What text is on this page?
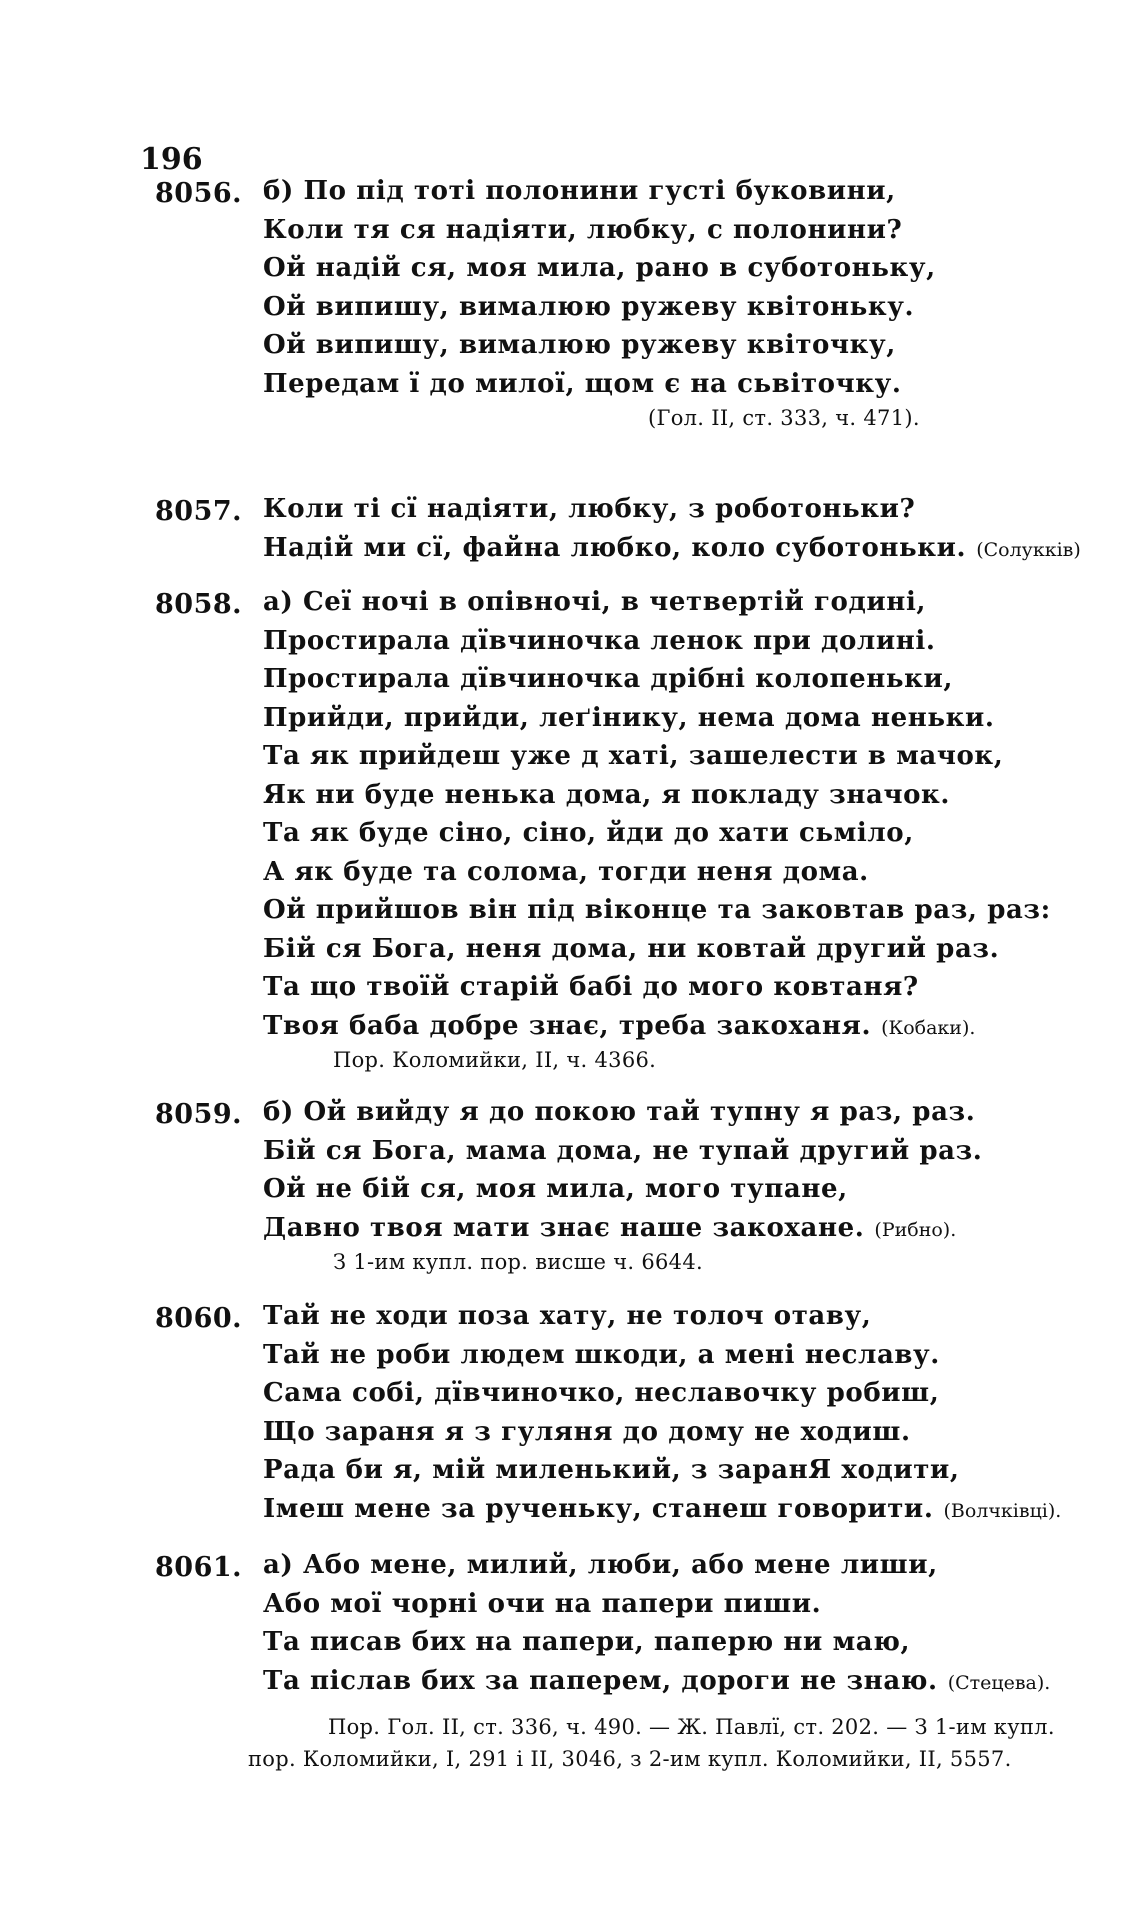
196
8056. б) По під тоті полонини густі буковини,
Коли тя ся надіяти, любку, с полонини?
Ой надій ся, моя мила, рано в суботоньку,
Ой випишу, вималюю ружеву квітоньку.
Ой випишу, вималюю ружеву квіточку,
Передам ї до милої, щом є на сьвіточку.
(Гол. II, ст. 333, ч. 471).
8057. Коли ті сї надіяти, любку, з роботоньки?
Надій ми сї, файна любко, коло суботоньки. (Солукків)
8058. а) Сеї ночі в опівночі, в четвертій годині,
Простирала дївчиночка ленок при долині.
Простирала дївчиночка дрібні колопеньки,
Прийди, прийди, леґінику, нема дома неньки.
Та як прийдеш уже д хаті, зашелести в мачок,
Як ни буде ненька дома, я покладу значок.
Та як буде сіно, сіно, йди до хати сьміло,
А як буде та солома, тогди неня дома.
Ой прийшов він під віконце та заковтав раз, раз:
Бій ся Бога, неня дома, ни ковтай другий раз.
Та що твоїй старій бабі до мого ковтаня?
Твоя баба добре знає, треба закоханя. (Кобаки).
Пор. Коломийки, II, ч. 4366.
8059. б) Ой вийду я до покою тай тупну я раз, раз.
Бій ся Бога, мама дома, не тупай другий раз.
Ой не бій ся, моя мила, мого тупане,
Давно твоя мати знає наше закохане. (Рибно).
З 1-им купл. пор. висше ч. 6644.
8060. Тай не ходи поза хату, не толоч отаву,
Тай не роби людем шкоди, а мені неславу.
Сама собі, дївчиночко, неславочку робиш,
Що зараня я з гуляня до дому не ходиш.
Рада би я, мій миленький, з заранЯ ходити,
Імеш мене за рученьку, станеш говорити. (Волчківці).
8061. а) Або мене, милий, люби, або мене лиши,
Або мої чорні очи на папери пиши.
Та писав бих на папери, паперю ни маю,
Та післав бих за паперем, дороги не знаю. (Стецева).
Пор. Гол. II, ст. 336, ч. 490. — Ж. Павлї, ст. 202. — З 1-им купл.
пор. Коломийки, I, 291 і II, 3046, з 2-им купл. Коломийки, II, 5557.
